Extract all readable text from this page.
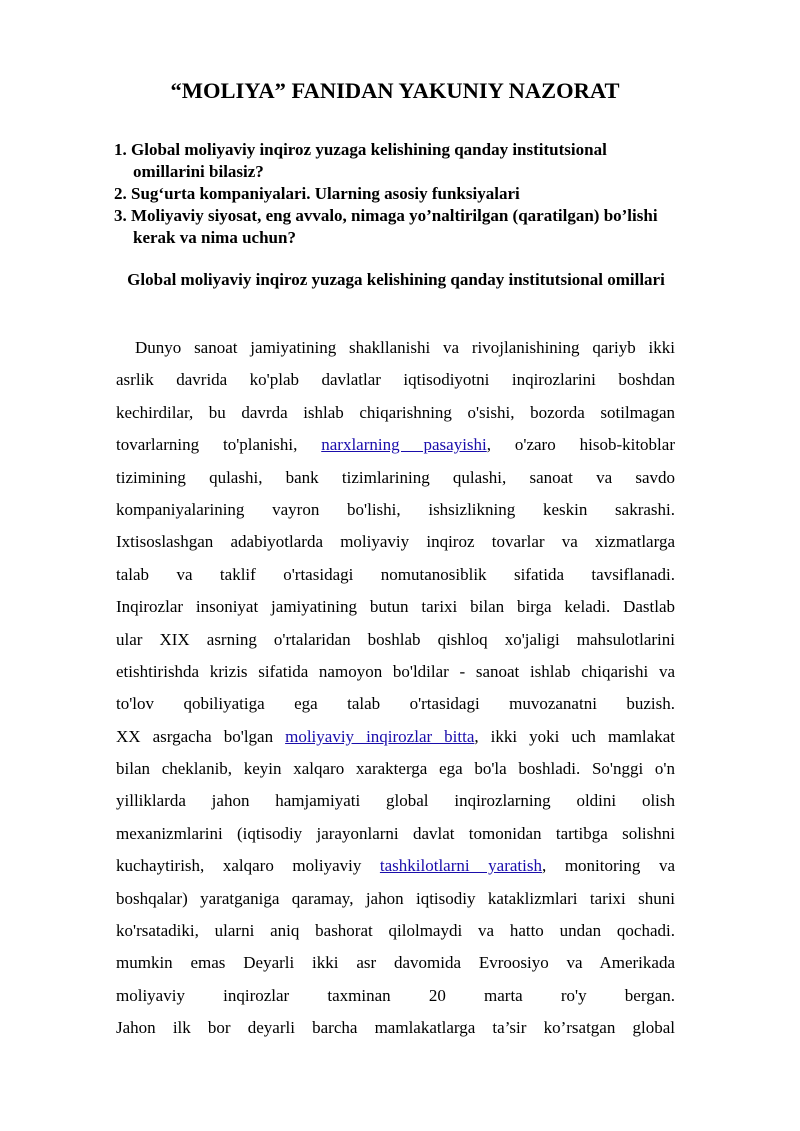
“MOLIYA” FANIDAN YAKUNIY NAZORAT
1. Global moliyaviy inqiroz yuzaga kelishining qanday institutsional omillarini bilasiz?
2. Sug‘urta kompaniyalari. Ularning asosiy funksiyalari
3. Moliyaviy siyosat, eng avvalo, nimaga yo’naltirilgan (qaratilgan) bo’lishi kerak va nima uchun?
Global moliyaviy inqiroz yuzaga kelishining qanday institutsional omillari
Dunyo sanoat jamiyatining shakllanishi va rivojlanishining qariyb ikki
asrlik davrida ko'plab davlatlar iqtisodiyotni inqirozlarini boshdan
kechirdilar, bu davrda ishlab chiqarishning o'sishi, bozorda sotilmagan
tovarlarning to'planishi, narxlarning pasayishi, o'zaro hisob-kitoblar
tizimining qulashi, bank tizimlarining qulashi, sanoat va savdo
kompaniyalarining vayron bo'lishi, ishsizlikning keskin sakrashi.
Ixtisoslashgan adabiyotlarda moliyaviy inqiroz tovarlar va xizmatlarga
talab va taklif o'rtasidagi nomutanosiblik sifatida tavsiflanadi.
Inqirozlar insoniyat jamiyatining butun tarixi bilan birga keladi. Dastlab
ular XIX asrning o'rtalaridan boshlab qishloq xo'jaligi mahsulotlarini
etishtirishda krizis sifatida namoyon bo'ldilar - sanoat ishlab chiqarishi va
to'lov qobiliyatiga ega talab o'rtasidagi muvozanatni buzish.
XX asrgacha bo'lgan moliyaviy inqirozlar bitta, ikki yoki uch mamlakat
bilan cheklanib, keyin xalqaro xarakterga ega bo'la boshladi. So'nggi o'n
yilliklarda jahon hamjamiyati global inqirozlarning oldini olish
mexanizmlarini (iqtisodiy jarayonlarni davlat tomonidan tartibga solishni
kuchaytirish, xalqaro moliyaviy tashkilotlarni yaratish, monitoring va
boshqalar) yaratganiga qaramay, jahon iqtisodiy kataklizmlari tarixi shuni
ko'rsatadiki, ularni aniq bashorat qilolmaydi va hatto undan qochadi.
mumkin emas Deyarli ikki asr davomida Evroosiyo va Amerikada
moliyaviy inqirozlar taxminan 20 marta ro'y bergan.
Jahon ilk bor deyarli barcha mamlakatlarga ta’sir ko’rsatgan global
